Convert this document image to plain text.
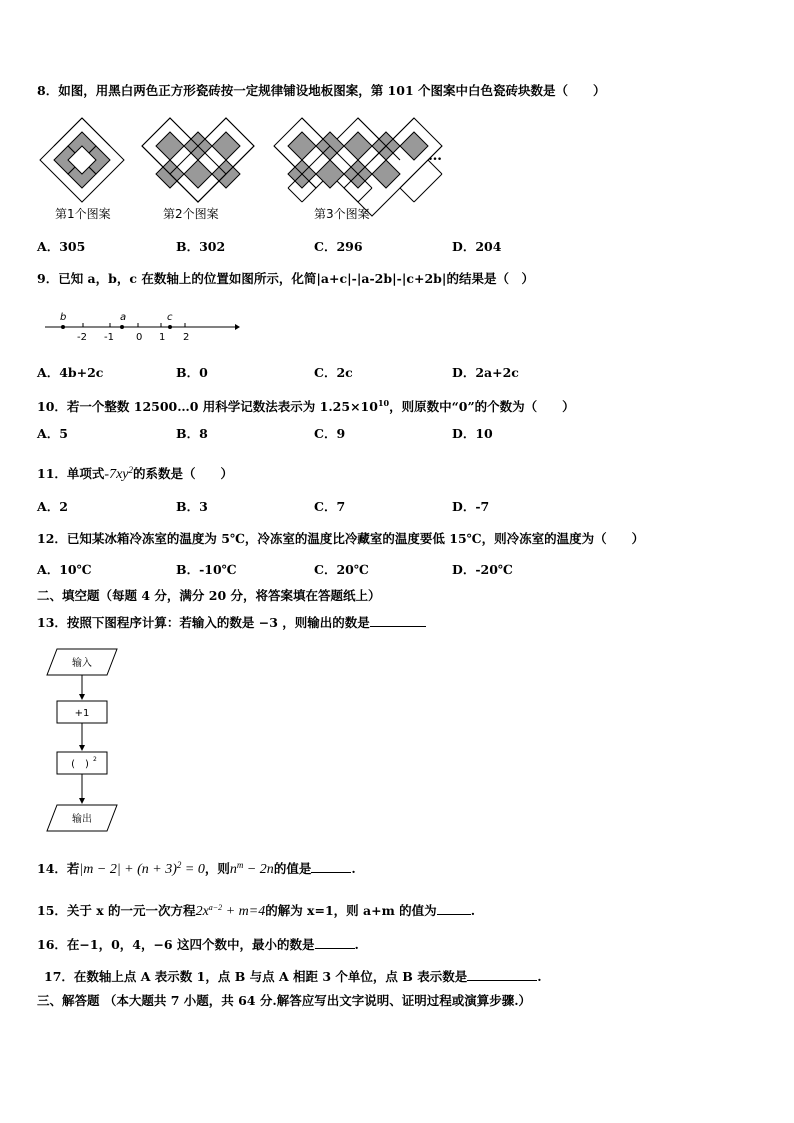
8．如图，用黑白两色正方形瓷砖按一定规律铺设地板图案，第 101 个图案中白色瓷砖块数是（　　）
…
第1个图案	第2个图案	第3个图案
A．305	B．302	C．296	D．204
9．已知 a，b，c 在数轴上的位置如图所示，化简|a+c|-|a-2b|-|c+2b|的结果是（　）
b	a	c
-2 -1 0 1 2
A．4b+2c	B．0	C．2c	D．2a+2c
10．若一个整数 12500…0 用科学记数法表示为 $1.25\times 10^{10}$，则原数中“0”的个数为（　　）
A．5	B．8	C．9	D．10
11．单项式$-7xy^2$的系数是（　　）
A．2	B．3	C．7	D．-7
12．已知某冰箱冷冻室的温度为 5℃，冷冻室的温度比冷藏室的温度要低 15℃，则冷冻室的温度为（　　）
A．10℃	B．-10℃	C．20℃	D．-20℃
二、填空题（每题 4 分，满分 20 分，将答案填在答题纸上）
13．按照下图程序计算：若输入的数是 −3 ，则输出的数是
输入
+1
(　) 2
输出
14．若$|m - 2| + (n + 3)^2 = 0$，则$n^m - 2n$的值是	.
15．关于 x 的一元一次方程$2x^{a-2} + m=4$的解为 x=1，则 a+m 的值为	.
16．在−1，0，4，−6 这四个数中，最小的数是	.
17．在数轴上点 A 表示数 1，点 B 与点 A 相距 3 个单位，点 B 表示数是	.
三、解答题 （本大题共 7 小题，共 64 分.解答应写出文字说明、证明过程或演算步骤.）
